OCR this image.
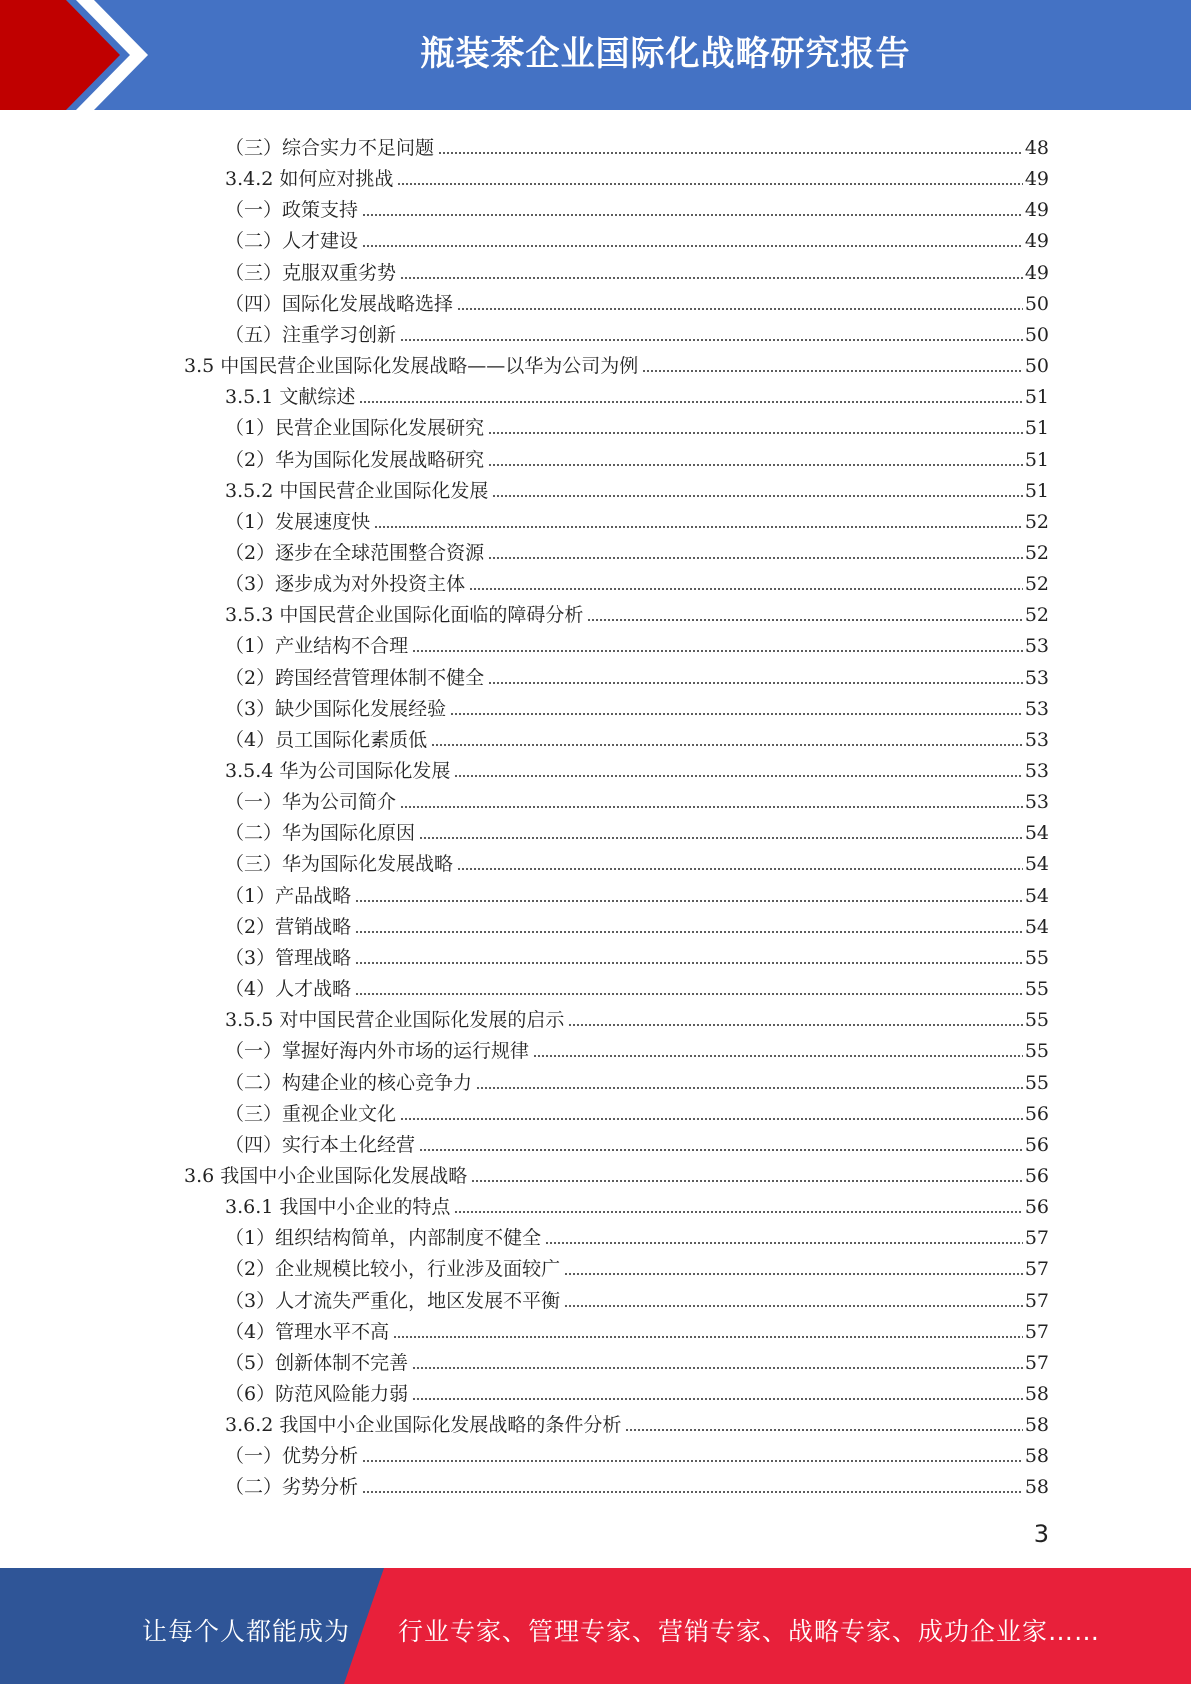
瓶装茶企业国际化战略研究报告
（三）综合实力不足问题	48
3.4.2 如何应对挑战	49
（一）政策支持	49
（二）人才建设	49
（三）克服双重劣势	49
（四）国际化发展战略选择	50
（五）注重学习创新	50
3.5 中国民营企业国际化发展战略——以华为公司为例	50
3.5.1 文献综述	51
（1）民营企业国际化发展研究	51
（2）华为国际化发展战略研究	51
3.5.2 中国民营企业国际化发展	51
（1）发展速度快	52
（2）逐步在全球范围整合资源	52
（3）逐步成为对外投资主体	52
3.5.3 中国民营企业国际化面临的障碍分析	52
（1）产业结构不合理	53
（2）跨国经营管理体制不健全	53
（3）缺少国际化发展经验	53
（4）员工国际化素质低	53
3.5.4 华为公司国际化发展	53
（一）华为公司简介	53
（二）华为国际化原因	54
（三）华为国际化发展战略	54
（1）产品战略	54
（2）营销战略	54
（3）管理战略	55
（4）人才战略	55
3.5.5 对中国民营企业国际化发展的启示	55
（一）掌握好海内外市场的运行规律	55
（二）构建企业的核心竞争力	55
（三）重视企业文化	56
（四）实行本土化经营	56
3.6 我国中小企业国际化发展战略	56
3.6.1 我国中小企业的特点	56
（1）组织结构简单，内部制度不健全	57
（2）企业规模比较小，行业涉及面较广	57
（3）人才流失严重化，地区发展不平衡	57
（4）管理水平不高	57
（5）创新体制不完善	57
（6）防范风险能力弱	58
3.6.2 我国中小企业国际化发展战略的条件分析	58
（一）优势分析	58
（二）劣势分析	58
3
让每个人都能成为 行业专家、管理专家、营销专家、战略专家、成功企业家……
